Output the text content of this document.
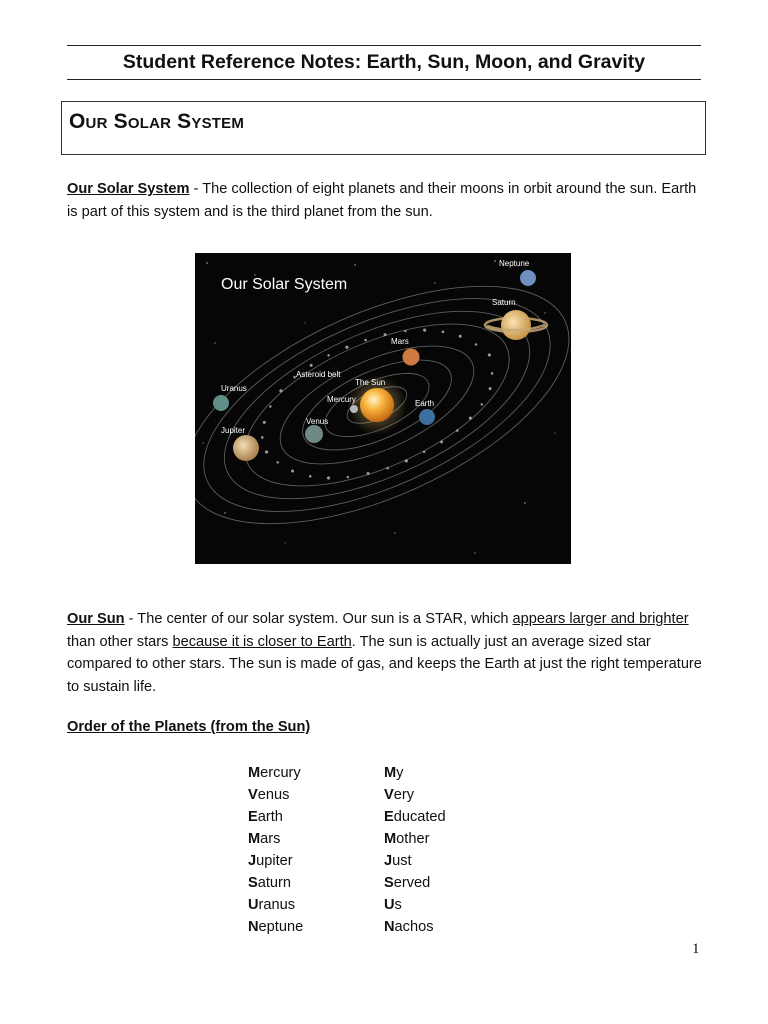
Student Reference Notes: Earth, Sun, Moon, and Gravity
Our Solar System

Our Solar System - The collection of eight planets and their moons in orbit around the sun. Earth is part of this system and is the third planet from the sun.

Our Solar System
Neptune
Saturn
Mars
Asteroid belt
The Sun
Uranus
Mercury	Earth
Venus
Jupiter

Our Sun - The center of our solar system. Our sun is a STAR, which appears larger and brighter than other stars because it is closer to Earth. The sun is actually just an average sized star compared to other stars. The sun is made of gas, and keeps the Earth at just the right temperature to sustain life.

Order of the Planets (from the Sun)

Mercury
Venus
Earth
Mars
Jupiter
Saturn
Uranus
Neptune
My
Very
Educated
Mother
Just
Served
Us
Nachos
1
